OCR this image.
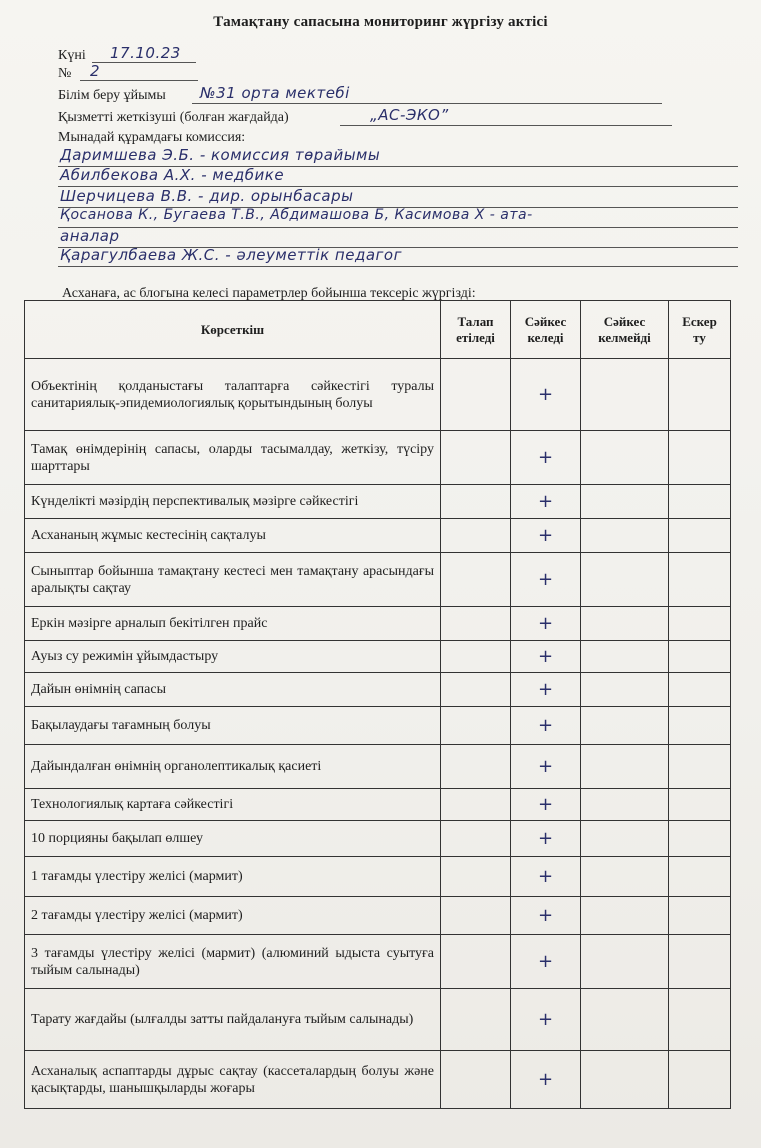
Тамақтану сапасына мониторинг жүргізу актісі
Күні 17.10.23
№ 2
Білім беру ұйымы №31 орта мектебі
Қызметті жеткізуші (болған жағдайда)	„АС-ЭКО”
Мынадай құрамдағы комиссия:
Даримшева Э.Б. - комиссия төрайымы
Абилбекова А.Х. - медбике
Шерчицева В.В. - дир. орынбасары
Қосанова К., Бугаева Т.В., Абдимашова Б, Касимова Х - ата-
аналар
Қарагулбаева Ж.С. - әлеуметтік педагог
Асханаға, ас блогына келесі параметрлер бойынша тексеріс жүргізді:
Көрсеткіш	Талап етіледі	Сәйкес келеді	Сәйкес келмейді	Ескер ту
Объектінің қолданыстағы талаптарға сәйкестігі туралы санитариялық-эпидемиологиялық қорытындының болуы		+		
Тамақ өнімдерінің сапасы, оларды тасымалдау, жеткізу, түсіру шарттары		+		
Күнделікті мәзірдің перспективалық мәзірге сәйкестігі		+		
Асхананың жұмыс кестесінің сақталуы		+		
Сыныптар бойынша тамақтану кестесі мен тамақтану арасындағы аралықты сақтау		+		
Еркін мәзірге арналып бекітілген прайс		+		
Ауыз су режимін ұйымдастыру		+		
Дайын өнімнің сапасы		+		
Бақылаудағы тағамның болуы		+		
Дайындалған өнімнің органолептикалық қасиеті		+		
Технологиялық картаға сәйкестігі		+		
10 порцияны бақылап өлшеу		+		
1 тағамды үлестіру желісі (мармит)		+		
2 тағамды үлестіру желісі (мармит)		+		
3 тағамды үлестіру желісі (мармит) (алюминий ыдыста суытуға тыйым салынады)		+		
Тарату жағдайы (ылғалды затты пайдалануға тыйым салынады)		+		
Асханалық аспаптарды дұрыс сақтау (кассеталардың болуы және қасықтарды, шанышқыларды жоғары		+		
